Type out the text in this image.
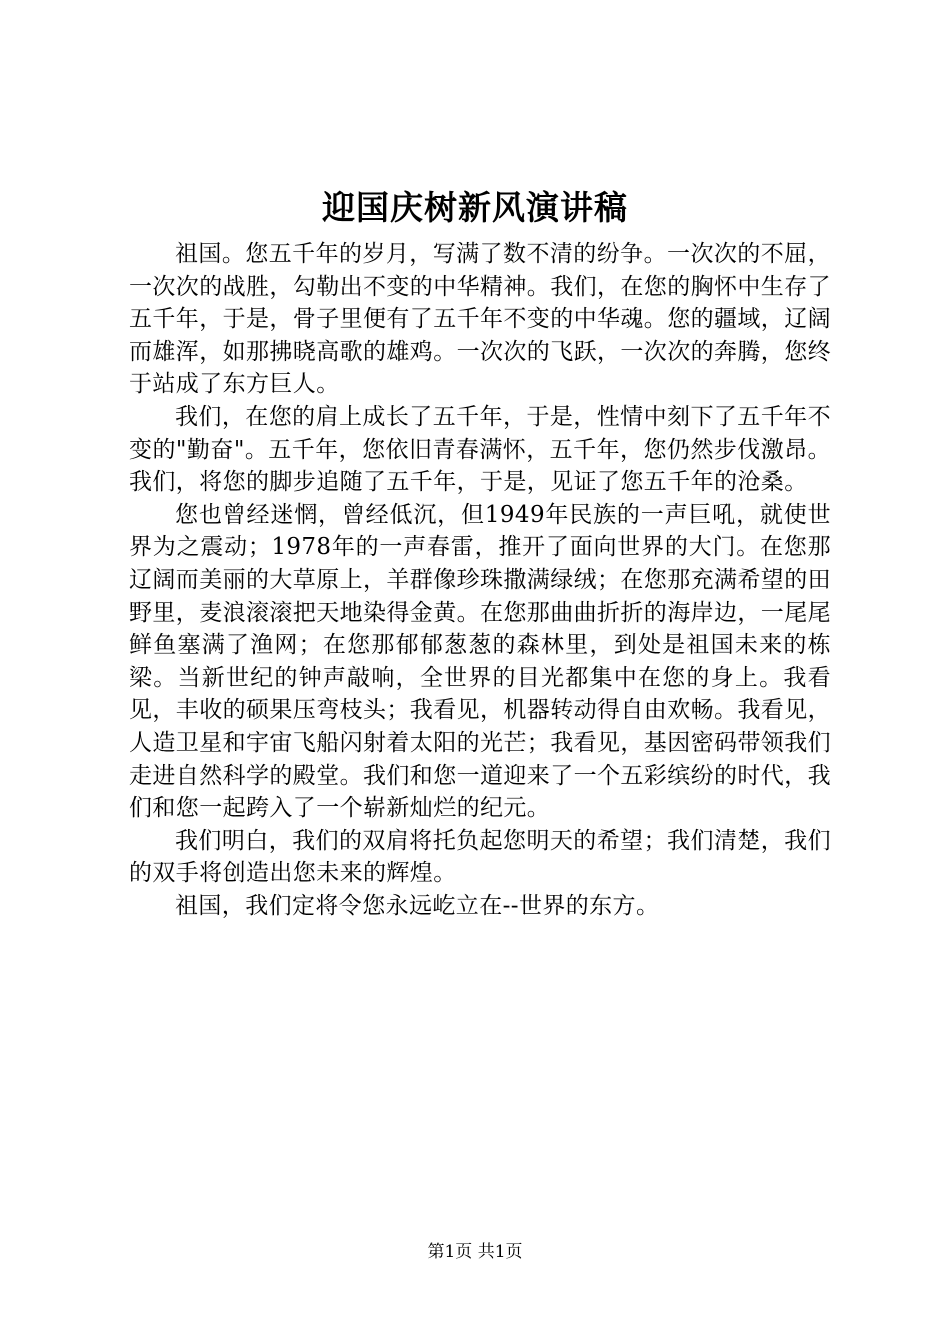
迎国庆树新风演讲稿

祖国。您五千年的岁月，写满了数不清的纷争。一次次的不屈，一次次的战胜，勾勒出不变的中华精神。我们，在您的胸怀中生存了五千年，于是，骨子里便有了五千年不变的中华魂。您的疆域，辽阔而雄浑，如那拂晓高歌的雄鸡。一次次的飞跃，一次次的奔腾，您终于站成了东方巨人。

我们，在您的肩上成长了五千年，于是，性情中刻下了五千年不变的"勤奋"。五千年，您依旧青春满怀，五千年，您仍然步伐激昂。我们，将您的脚步追随了五千年，于是，见证了您五千年的沧桑。

您也曾经迷惘，曾经低沉，但1949年民族的一声巨吼，就使世界为之震动；1978年的一声春雷，推开了面向世界的大门。在您那辽阔而美丽的大草原上，羊群像珍珠撒满绿绒；在您那充满希望的田野里，麦浪滚滚把天地染得金黄。在您那曲曲折折的海岸边，一尾尾鲜鱼塞满了渔网；在您那郁郁葱葱的森林里，到处是祖国未来的栋梁。当新世纪的钟声敲响，全世界的目光都集中在您的身上。我看见，丰收的硕果压弯枝头；我看见，机器转动得自由欢畅。我看见，人造卫星和宇宙飞船闪射着太阳的光芒；我看见，基因密码带领我们走进自然科学的殿堂。我们和您一道迎来了一个五彩缤纷的时代，我们和您一起跨入了一个崭新灿烂的纪元。

我们明白，我们的双肩将托负起您明天的希望；我们清楚，我们的双手将创造出您未来的辉煌。

祖国，我们定将令您永远屹立在--世界的东方。

第1页 共1页
